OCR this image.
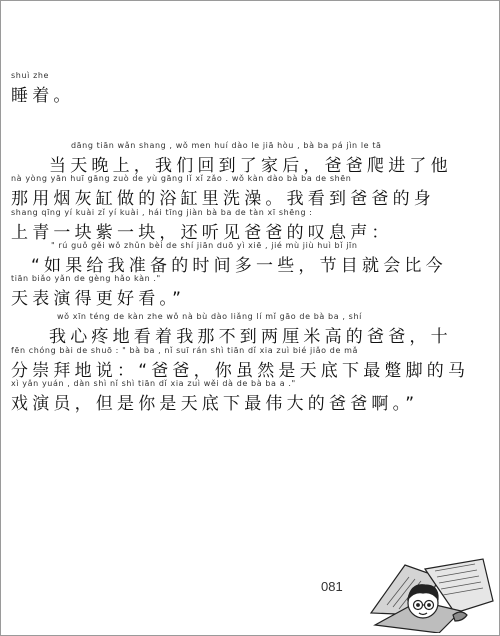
shuì zhe
睡着。
dāng tiān wǎn shang , wǒ men huí dào le jiā hòu , bà ba pá jìn le tā
当天晚上，我们回到了家后，爸爸爬进了他
nà yòng yān huī gāng zuò de yù gāng lǐ xǐ zǎo . wǒ kàn dào bà ba de shēn
那用烟灰缸做的浴缸里洗澡。我看到爸爸的身
shang qīng yí kuài zǐ yí kuài , hái tīng jiàn bà ba de tàn xī shēng :
上青一块紫一块，还听见爸爸的叹息声：
" rú guǒ gěi wǒ zhǔn bèi de shí jiān duō yì xiē , jié mù jiù huì bǐ jīn
“如果给我准备的时间多一些，节目就会比今
tiān biǎo yǎn de gèng hǎo kàn ."
天表演得更好看。”
wǒ xīn téng de kàn zhe wǒ nà bù dào liǎng lí mǐ gāo de bà ba , shí
我心疼地看着我那不到两厘米高的爸爸，十
fēn chóng bài de shuō : " bà ba , nǐ suī rán shì tiān dǐ xia zuì bié jiǎo de mǎ
分崇拜地说：“爸爸，你虽然是天底下最蹩脚的马
xì yǎn yuán , dàn shì nǐ shì tiān dǐ xia zuì wěi dà de bà ba a ."
戏演员，但是你是天底下最伟大的爸爸啊。”
081
